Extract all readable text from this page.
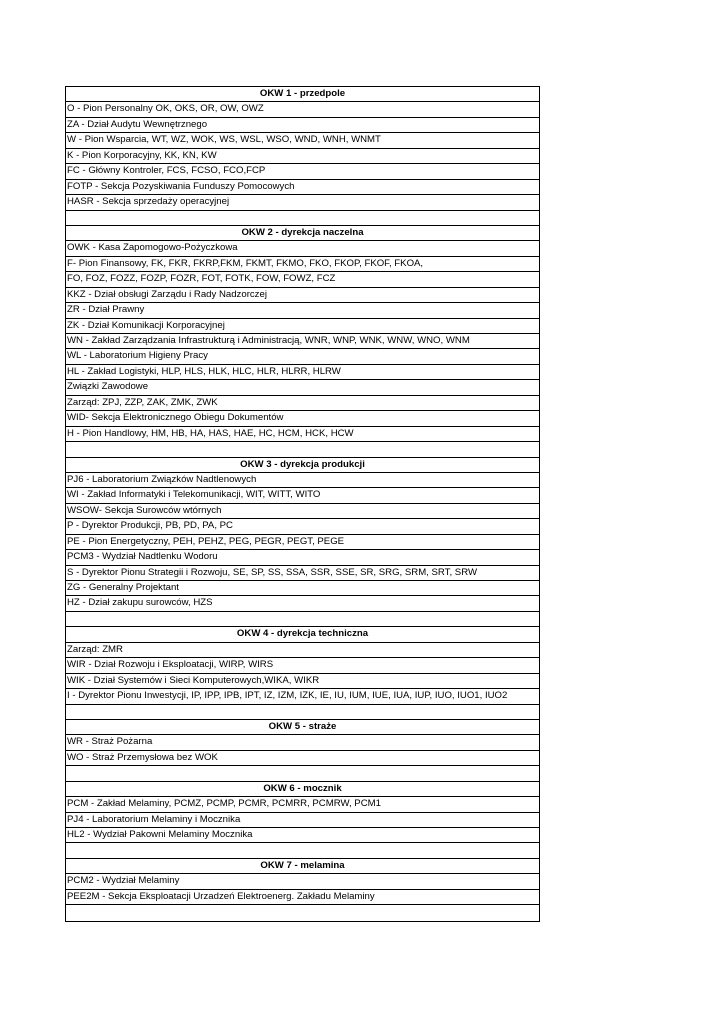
OKW 1 - przedpole
O - Pion Personalny OK, OKS, OR, OW, OWZ
ZA - Dział Audytu Wewnętrznego
W - Pion Wsparcia, WT, WZ, WOK, WS, WSL, WSO, WND, WNH, WNMT
K - Pion Korporacyjny, KK, KN, KW
FC - Główny Kontroler, FCS, FCSO, FCO,FCP
FOTP - Sekcja Pozyskiwania Funduszy Pomocowych
HASR - Sekcja sprzedaży operacyjnej
OKW 2 - dyrekcja naczelna
OWK - Kasa Zapomogowo-Pożyczkowa
F- Pion Finansowy, FK, FKR, FKRP,FKM, FKMT, FKMO, FKO, FKOP, FKOF, FKOA,
FO, FOZ, FOZZ, FOZP, FOZR, FOT, FOTK, FOW, FOWZ, FCZ
KKZ - Dział obsługi Zarządu i Rady Nadzorczej
ZR - Dział Prawny
ZK - Dział Komunikacji Korporacyjnej
WN - Zakład Zarządzania Infrastrukturą i Administracją, WNR, WNP, WNK, WNW, WNO, WNM
WL - Laboratorium Higieny Pracy
HL - Zakład Logistyki, HLP, HLS, HLK, HLC, HLR, HLRR, HLRW
Związki Zawodowe
Zarząd: ZPJ, ZZP, ZAK, ZMK, ZWK
WID- Sekcja Elektronicznego Obiegu Dokumentów
H - Pion Handlowy, HM, HB, HA, HAS, HAE, HC, HCM, HCK, HCW
OKW 3 - dyrekcja produkcji
PJ6 - Laboratorium Związków Nadtlenowych
WI - Zakład Informatyki i Telekomunikacji, WIT, WITT, WITO
WSOW- Sekcja Surowców wtórnych
P - Dyrektor Produkcji, PB, PD, PA, PC
PE - Pion Energetyczny, PEH, PEHZ, PEG, PEGR, PEGT, PEGE
PCM3 - Wydział Nadtlenku Wodoru
S - Dyrektor Pionu Strategii i Rozwoju, SE, SP, SS, SSA, SSR, SSE, SR, SRG, SRM, SRT, SRW
ZG - Generalny Projektant
HZ - Dział zakupu surowców, HZS
OKW 4 - dyrekcja techniczna
Zarząd: ZMR
WIR - Dział Rozwoju i Eksploatacji, WIRP, WIRS
WIK - Dział Systemów i Sieci Komputerowych,WIKA, WIKR
I - Dyrektor Pionu Inwestycji, IP, IPP, IPB, IPT, IZ, IZM, IZK, IE, IU, IUM, IUE, IUA, IUP, IUO, IUO1, IUO2
OKW 5 - straże
WR - Straż Pożarna
WO - Straż Przemysłowa bez WOK
OKW 6 - mocznik
PCM - Zakład Melaminy, PCMZ, PCMP, PCMR, PCMRR, PCMRW, PCM1
PJ4 - Laboratorium Melaminy i Mocznika
HL2 - Wydział Pakowni Melaminy Mocznika
OKW 7 - melamina
PCM2 - Wydział Melaminy
PEE2M - Sekcja Eksploatacji Urzadzeń Elektroenerg. Zakładu Melaminy
